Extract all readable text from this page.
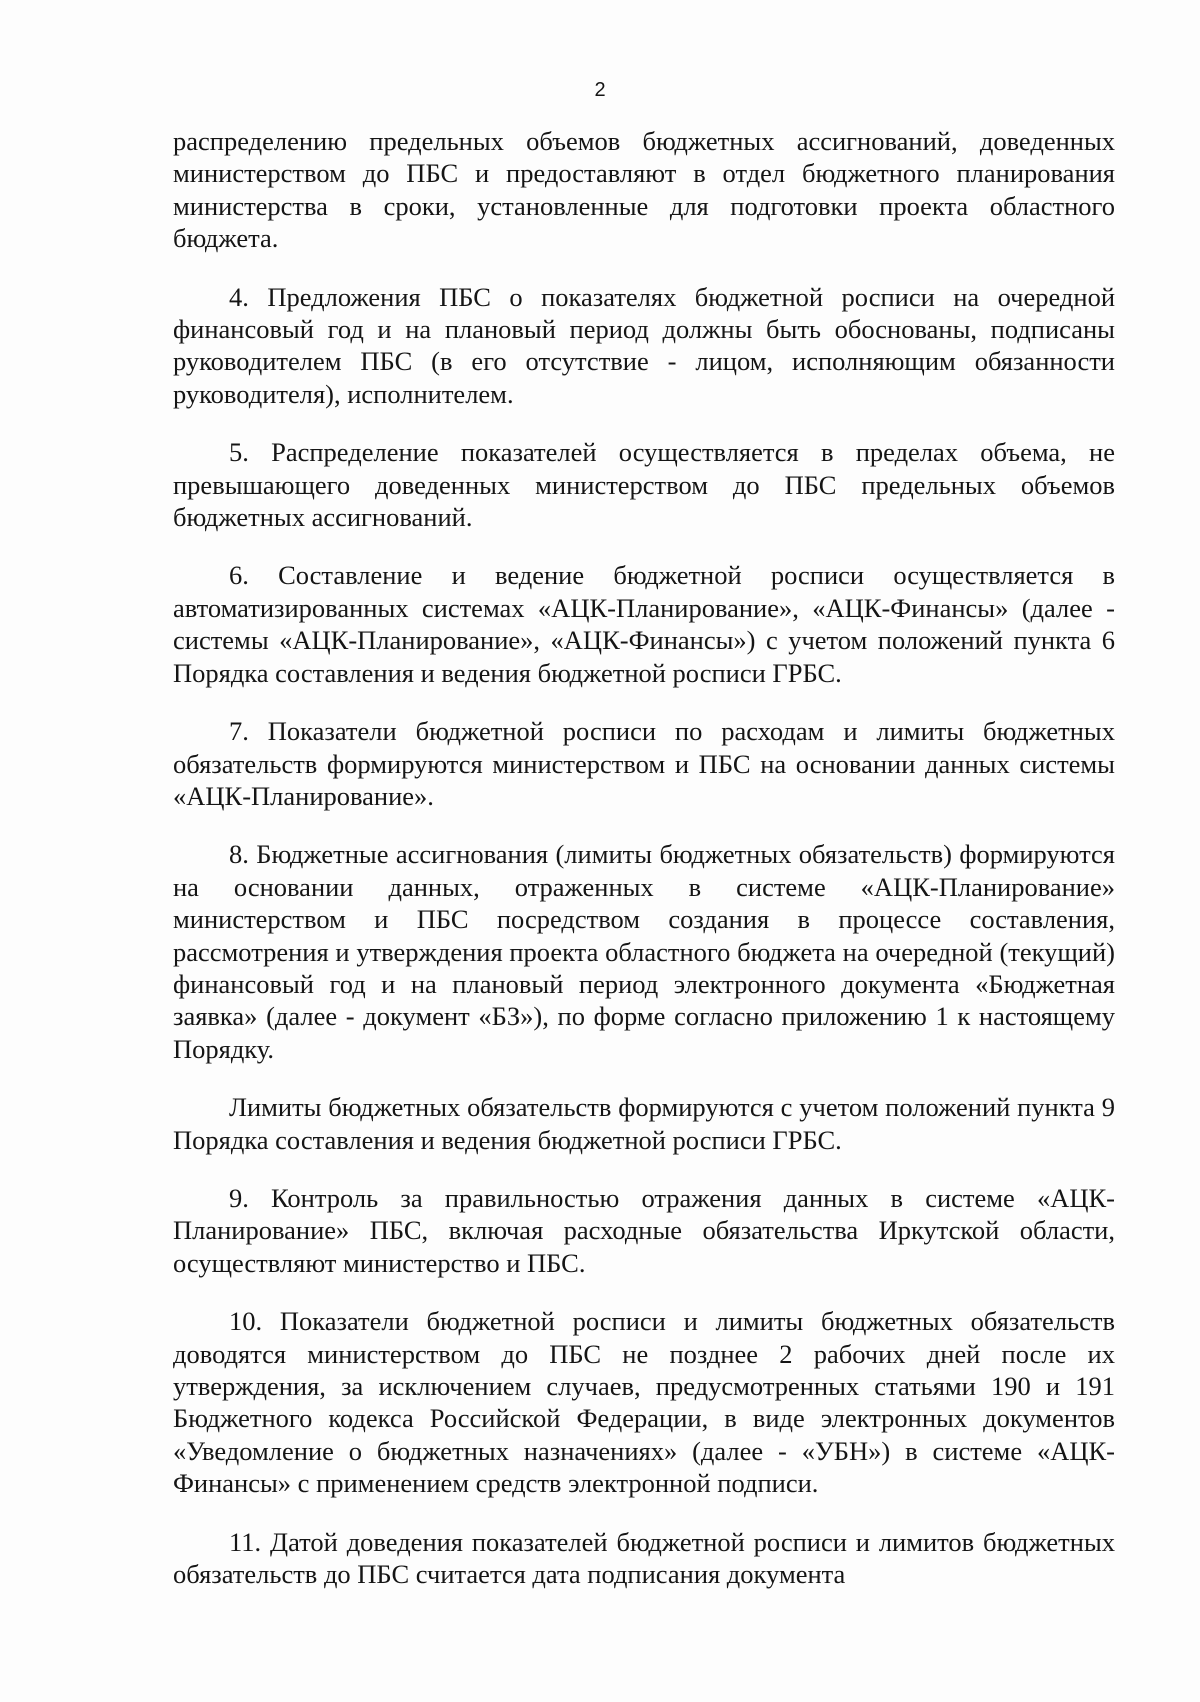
2

распределению предельных объемов бюджетных ассигнований, доведенных министерством до ПБС и предоставляют в отдел бюджетного планирования министерства в сроки, установленные для подготовки проекта областного бюджета.

4. Предложения ПБС о показателях бюджетной росписи на очередной финансовый год и на плановый период должны быть обоснованы, подписаны руководителем ПБС (в его отсутствие - лицом, исполняющим обязанности руководителя), исполнителем.

5. Распределение показателей осуществляется в пределах объема, не превышающего доведенных министерством до ПБС предельных объемов бюджетных ассигнований.

6. Составление и ведение бюджетной росписи осуществляется в автоматизированных системах «АЦК-Планирование», «АЦК-Финансы» (далее - системы «АЦК-Планирование», «АЦК-Финансы») с учетом положений пункта 6 Порядка составления и ведения бюджетной росписи ГРБС.

7. Показатели бюджетной росписи по расходам и лимиты бюджетных обязательств формируются министерством и ПБС на основании данных системы «АЦК-Планирование».

8. Бюджетные ассигнования (лимиты бюджетных обязательств) формируются на основании данных, отраженных в системе «АЦК-Планирование» министерством и ПБС посредством создания в процессе составления, рассмотрения и утверждения проекта областного бюджета на очередной (текущий) финансовый год и на плановый период электронного документа «Бюджетная заявка» (далее - документ «БЗ»), по форме согласно приложению 1 к настоящему Порядку.

Лимиты бюджетных обязательств формируются с учетом положений пункта 9 Порядка составления и ведения бюджетной росписи ГРБС.

9. Контроль за правильностью отражения данных в системе «АЦК-Планирование» ПБС, включая расходные обязательства Иркутской области, осуществляют министерство и ПБС.

10. Показатели бюджетной росписи и лимиты бюджетных обязательств доводятся министерством до ПБС не позднее 2 рабочих дней после их утверждения, за исключением случаев, предусмотренных статьями 190 и 191 Бюджетного кодекса Российской Федерации, в виде электронных документов «Уведомление о бюджетных назначениях» (далее - «УБН») в системе «АЦК-Финансы» с применением средств электронной подписи.

11. Датой доведения показателей бюджетной росписи и лимитов бюджетных обязательств до ПБС считается дата подписания документа
